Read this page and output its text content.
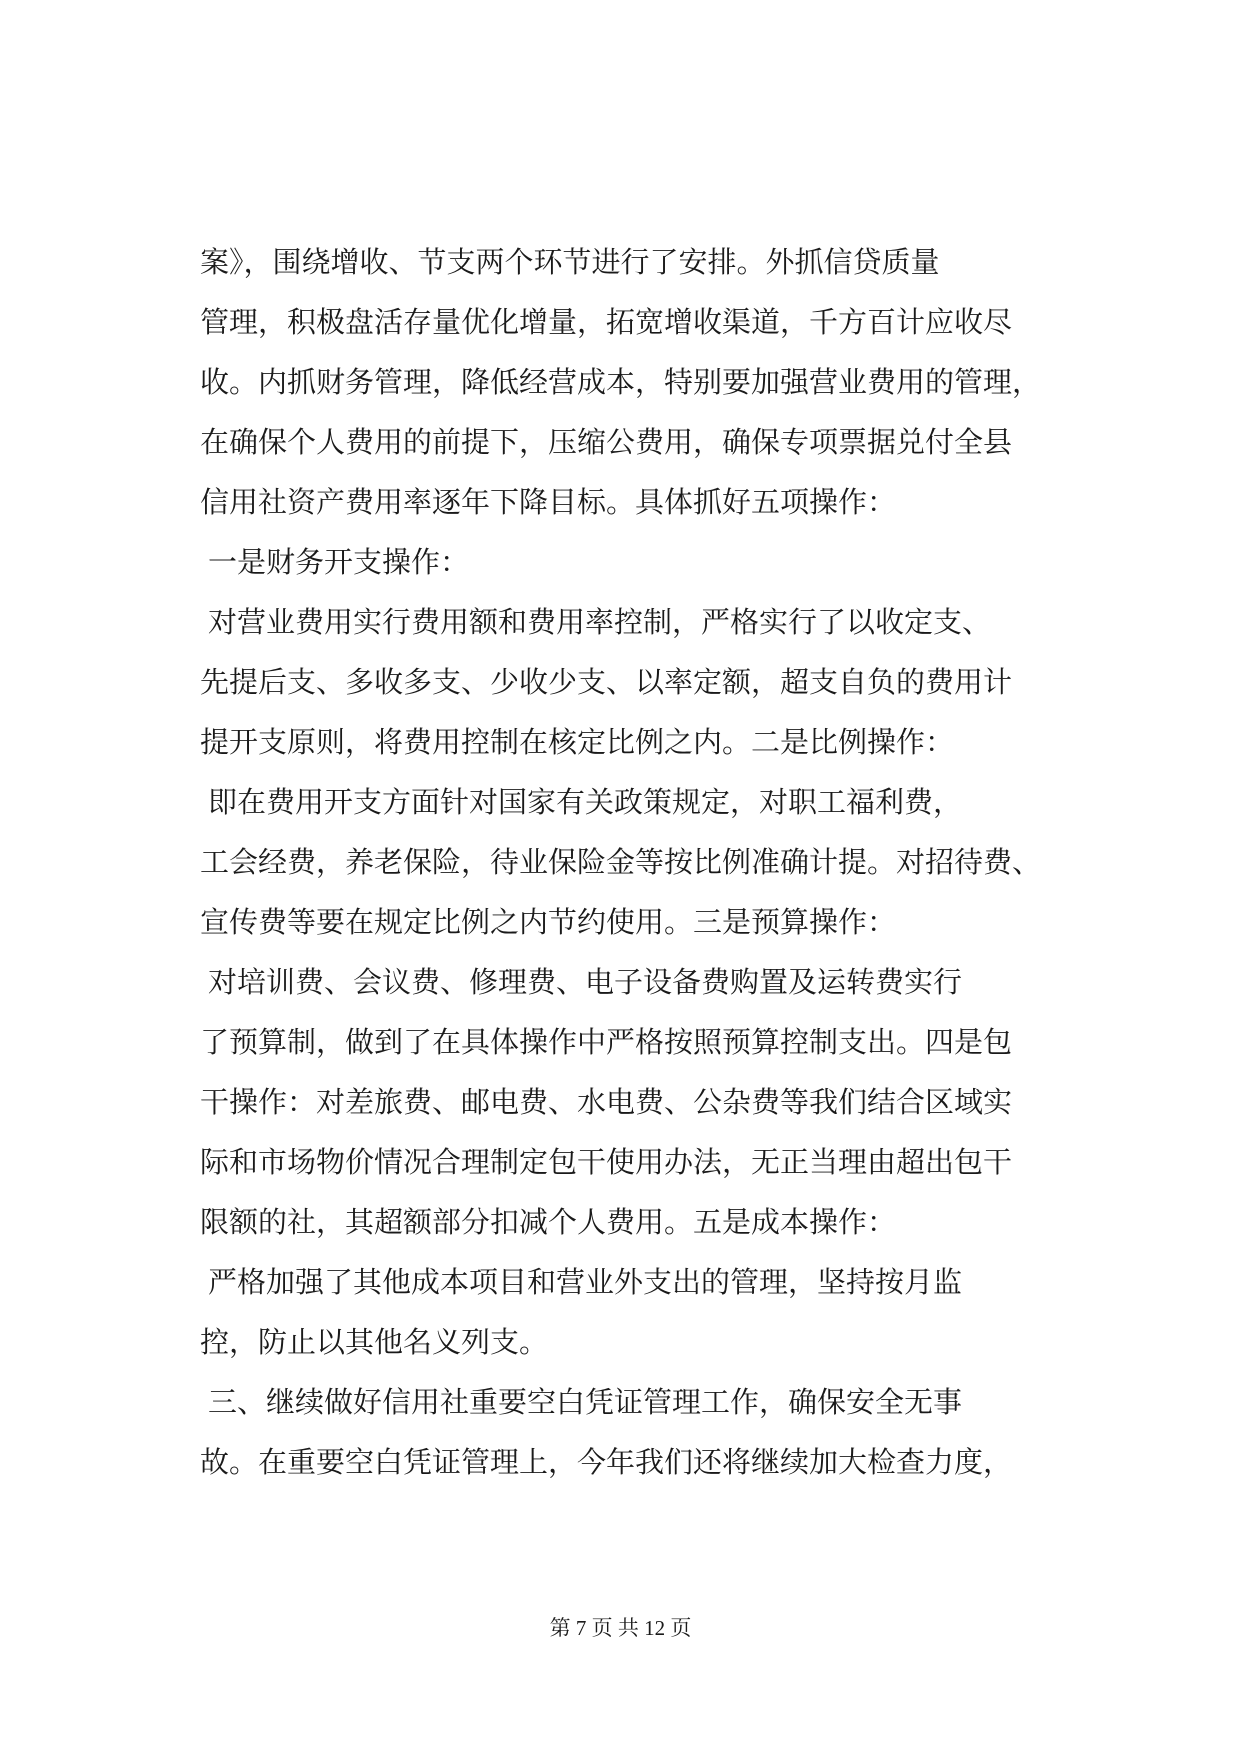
案》，围绕增收、节支两个环节进行了安排。外抓信贷质量
管理，积极盘活存量优化增量，拓宽增收渠道，千方百计应收尽
收。内抓财务管理，降低经营成本，特别要加强营业费用的管理，
在确保个人费用的前提下，压缩公费用，确保专项票据兑付全县
信用社资产费用率逐年下降目标。具体抓好五项操作：
一是财务开支操作：
对营业费用实行费用额和费用率控制，严格实行了以收定支、
先提后支、多收多支、少收少支、以率定额，超支自负的费用计
提开支原则，将费用控制在核定比例之内。二是比例操作：
即在费用开支方面针对国家有关政策规定，对职工福利费，
工会经费，养老保险，待业保险金等按比例准确计提。对招待费、
宣传费等要在规定比例之内节约使用。三是预算操作：
对培训费、会议费、修理费、电子设备费购置及运转费实行
了预算制，做到了在具体操作中严格按照预算控制支出。四是包
干操作：对差旅费、邮电费、水电费、公杂费等我们结合区域实
际和市场物价情况合理制定包干使用办法，无正当理由超出包干
限额的社，其超额部分扣减个人费用。五是成本操作：
严格加强了其他成本项目和营业外支出的管理，坚持按月监
控，防止以其他名义列支。
三、继续做好信用社重要空白凭证管理工作，确保安全无事
故。在重要空白凭证管理上，今年我们还将继续加大检查力度，
第 7 页 共 12 页
